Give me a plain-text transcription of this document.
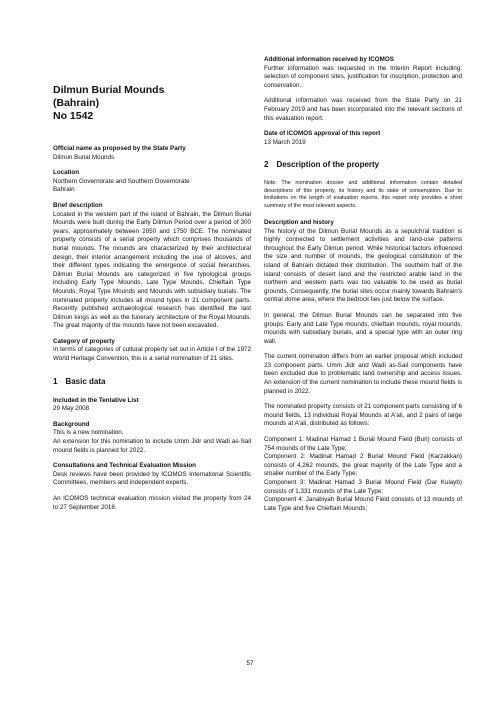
Dilmun Burial Mounds
(Bahrain)
No 1542

Official name as proposed by the State Party

Dilmun Burial Mounds

Location

Northern Governorate and Southern Governorate

Bahrain

Brief description

Located in the western part of the island of Bahrain, the Dilmun Burial Mounds were built during the Early Dilmun Period over a period of 300 years, approximately between 2050 and 1750 BCE. The nominated property consists of a serial property which comprises thousands of burial mounds. The mounds are characterized by their architectural design, their interior arrangement including the use of alcoves, and their different types indicating the emergence of social hierarchies. Dilmun Burial Mounds are categorized in five typological groups including Early Type Mounds, Late Type Mounds, Chieftain Type Mounds, Royal Type Mounds and Mounds with subsidiary burials. The nominated property includes all mound types in 21 component parts. Recently published archaeological research has identified the last Dilmun kings as well as the funerary architecture of the Royal Mounds. The great majority of the mounds have not been excavated.

Category of property

In terms of categories of cultural property set out in Article I of the 1972 World Heritage Convention, this is a serial nomination of 21 sites.

1 Basic data

Included in the Tentative List

29 May 2008

Background

This is a new nomination.

An extension for this nomination to include Umm Jidr and Wadi as-Sail mound fields is planned for 2022.

Consultations and Technical Evaluation Mission

Desk reviews have been provided by ICOMOS International Scientific Committees, members and independent experts.

An ICOMOS technical evaluation mission visited the property from 24 to 27 September 2018.

Additional information received by ICOMOS

Further information was requested in the Interim Report including: selection of component sites, justification for inscription, protection and conservation.

Additional information was received from the State Party on 21 February 2019 and has been incorporated into the relevant sections of this evaluation report.

Date of ICOMOS approval of this report

13 March 2019

2 Description of the property

Note: The nomination dossier and additional information contain detailed descriptions of this property, its history and its state of conservation. Due to limitations on the length of evaluation reports, this report only provides a short summary of the most relevant aspects.

Description and history

The history of the Dilmun Burial Mounds as a sepulchral tradition is highly connected to settlement activities and land-use patterns throughout the Early Dilmun period. While historical factors influenced the size and number of mounds, the geological constitution of the island of Bahrain dictated their distribution. The southern half of the island consists of desert land and the restricted arable land in the northern and western parts was too valuable to be used as burial grounds. Consequently, the burial sites occur mainly towards Bahrain's central dome area, where the bedrock lies just below the surface.

In general, the Dilmun Burial Mounds can be separated into five groups: Early and Late Type mounds, chieftain mounds, royal mounds, mounds with subsidiary burials, and a special type with an outer ring wall.

The current nomination differs from an earlier proposal which included 23 component parts. Umm Jidr and Wadi as-Sail components have been excluded due to problematic land ownership and access issues. An extension of the current nomination to include these mound fields is planned in 2022.

The nominated property consists of 21 component parts consisting of 6 mound fields, 13 individual Royal Mounds at A'ali, and 2 pairs of large mounds at A'ali, distributed as follows:

Component 1: Madinat Hamad 1 Burial Mound Field (Buri) consists of 754 mounds of the Late Type;

Component 2: Madinat Hamad 2 Burial Mound Field (Karzakkan) consists of 4,262 mounds, the great majority of the Late Type and a smaller number of the Early Type;

Component 3: Madinat Hamad 3 Burial Mound Field (Dar Kulayb) consists of 1,331 mounds of the Late Type;

Component 4: Janabiyah Burial Mound Field consists of 13 mounds of Late Type and five Chieftain Mounds;

57
